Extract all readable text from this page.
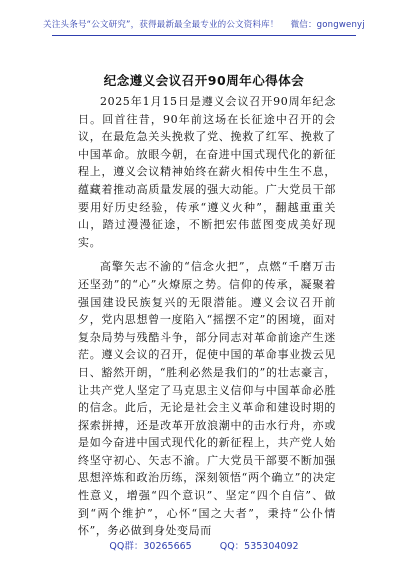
关注头条号“公文研究”，获得最新最全最专业的公文资料库！ 微信：gongwenyj
纪念遵义会议召开90周年心得体会

2025年1月15日是遵义会议召开90周年纪念日。回首往昔，90年前这场在长征途中召开的会议，在最危急关头挽救了党、挽救了红军、挽救了中国革命。放眼今朝，在奋进中国式现代化的新征程上，遵义会议精神始终在薪火相传中生生不息，蕴藏着推动高质量发展的强大动能。广大党员干部要用好历史经验，传承“遵义火种”，翻越重重关山，踏过漫漫征途，不断把宏伟蓝图变成美好现实。

高擎矢志不渝的“信念火把”，点燃“千磨万击还坚劲”的“心”火燎原之势。信仰的传承，凝聚着强国建设民族复兴的无限潜能。遵义会议召开前夕，党内思想曾一度陷入“摇摆不定”的困境，面对复杂局势与残酷斗争，部分同志对革命前途产生迷茫。遵义会议的召开，促使中国的革命事业拨云见日、豁然开朗，“胜利必然是我们的”的壮志豪言，让共产党人坚定了马克思主义信仰与中国革命必胜的信念。此后，无论是社会主义革命和建设时期的探索拼搏，还是改革开放浪潮中的击水行舟，亦或是如今奋进中国式现代化的新征程上，共产党人始终坚守初心、矢志不渝。广大党员干部要不断加强思想淬炼和政治历练，深刻领悟“两个确立”的决定性意义，增强“四个意识”、坚定“四个自信”、做到“两个维护”，心怀“国之大者”，秉持“公仆情怀”，务必做到身处变局而

QQ群：30265665	QQ：535304092
